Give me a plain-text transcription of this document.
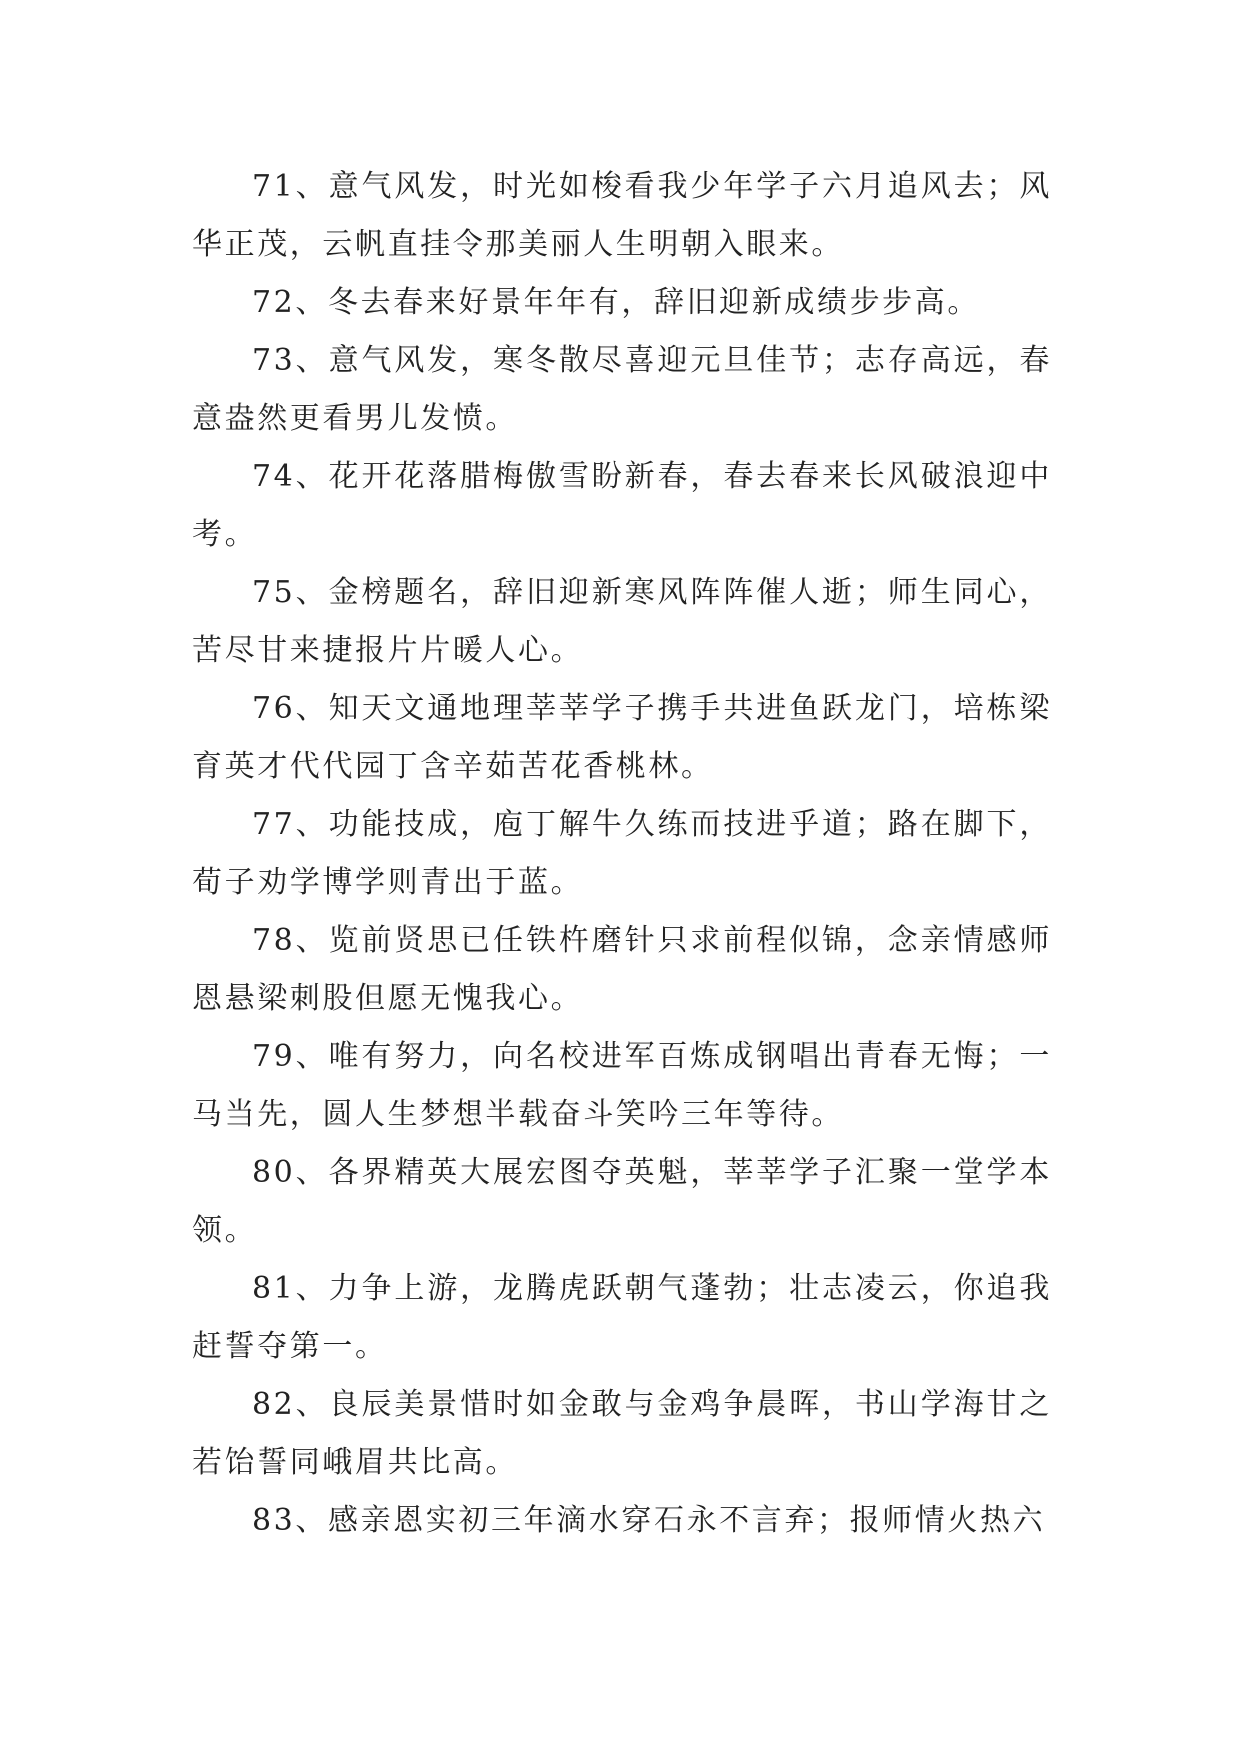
71、意气风发，时光如梭看我少年学子六月追风去；风华正茂，云帆直挂令那美丽人生明朝入眼来。

72、冬去春来好景年年有，辞旧迎新成绩步步高。

73、意气风发，寒冬散尽喜迎元旦佳节；志存高远，春意盎然更看男儿发愤。

74、花开花落腊梅傲雪盼新春，春去春来长风破浪迎中考。

75、金榜题名，辞旧迎新寒风阵阵催人逝；师生同心，苦尽甘来捷报片片暖人心。

76、知天文通地理莘莘学子携手共进鱼跃龙门，培栋梁育英才代代园丁含辛茹苦花香桃林。

77、功能技成，庖丁解牛久练而技进乎道；路在脚下，荀子劝学博学则青出于蓝。

78、览前贤思已任铁杵磨针只求前程似锦，念亲情感师恩悬梁刺股但愿无愧我心。

79、唯有努力，向名校进军百炼成钢唱出青春无悔；一马当先，圆人生梦想半载奋斗笑吟三年等待。

80、各界精英大展宏图夺英魁，莘莘学子汇聚一堂学本领。

81、力争上游，龙腾虎跃朝气蓬勃；壮志凌云，你追我赶誓夺第一。

82、良辰美景惜时如金敢与金鸡争晨晖，书山学海甘之若饴誓同峨眉共比高。

83、感亲恩实初三年滴水穿石永不言弃；报师情火热六
